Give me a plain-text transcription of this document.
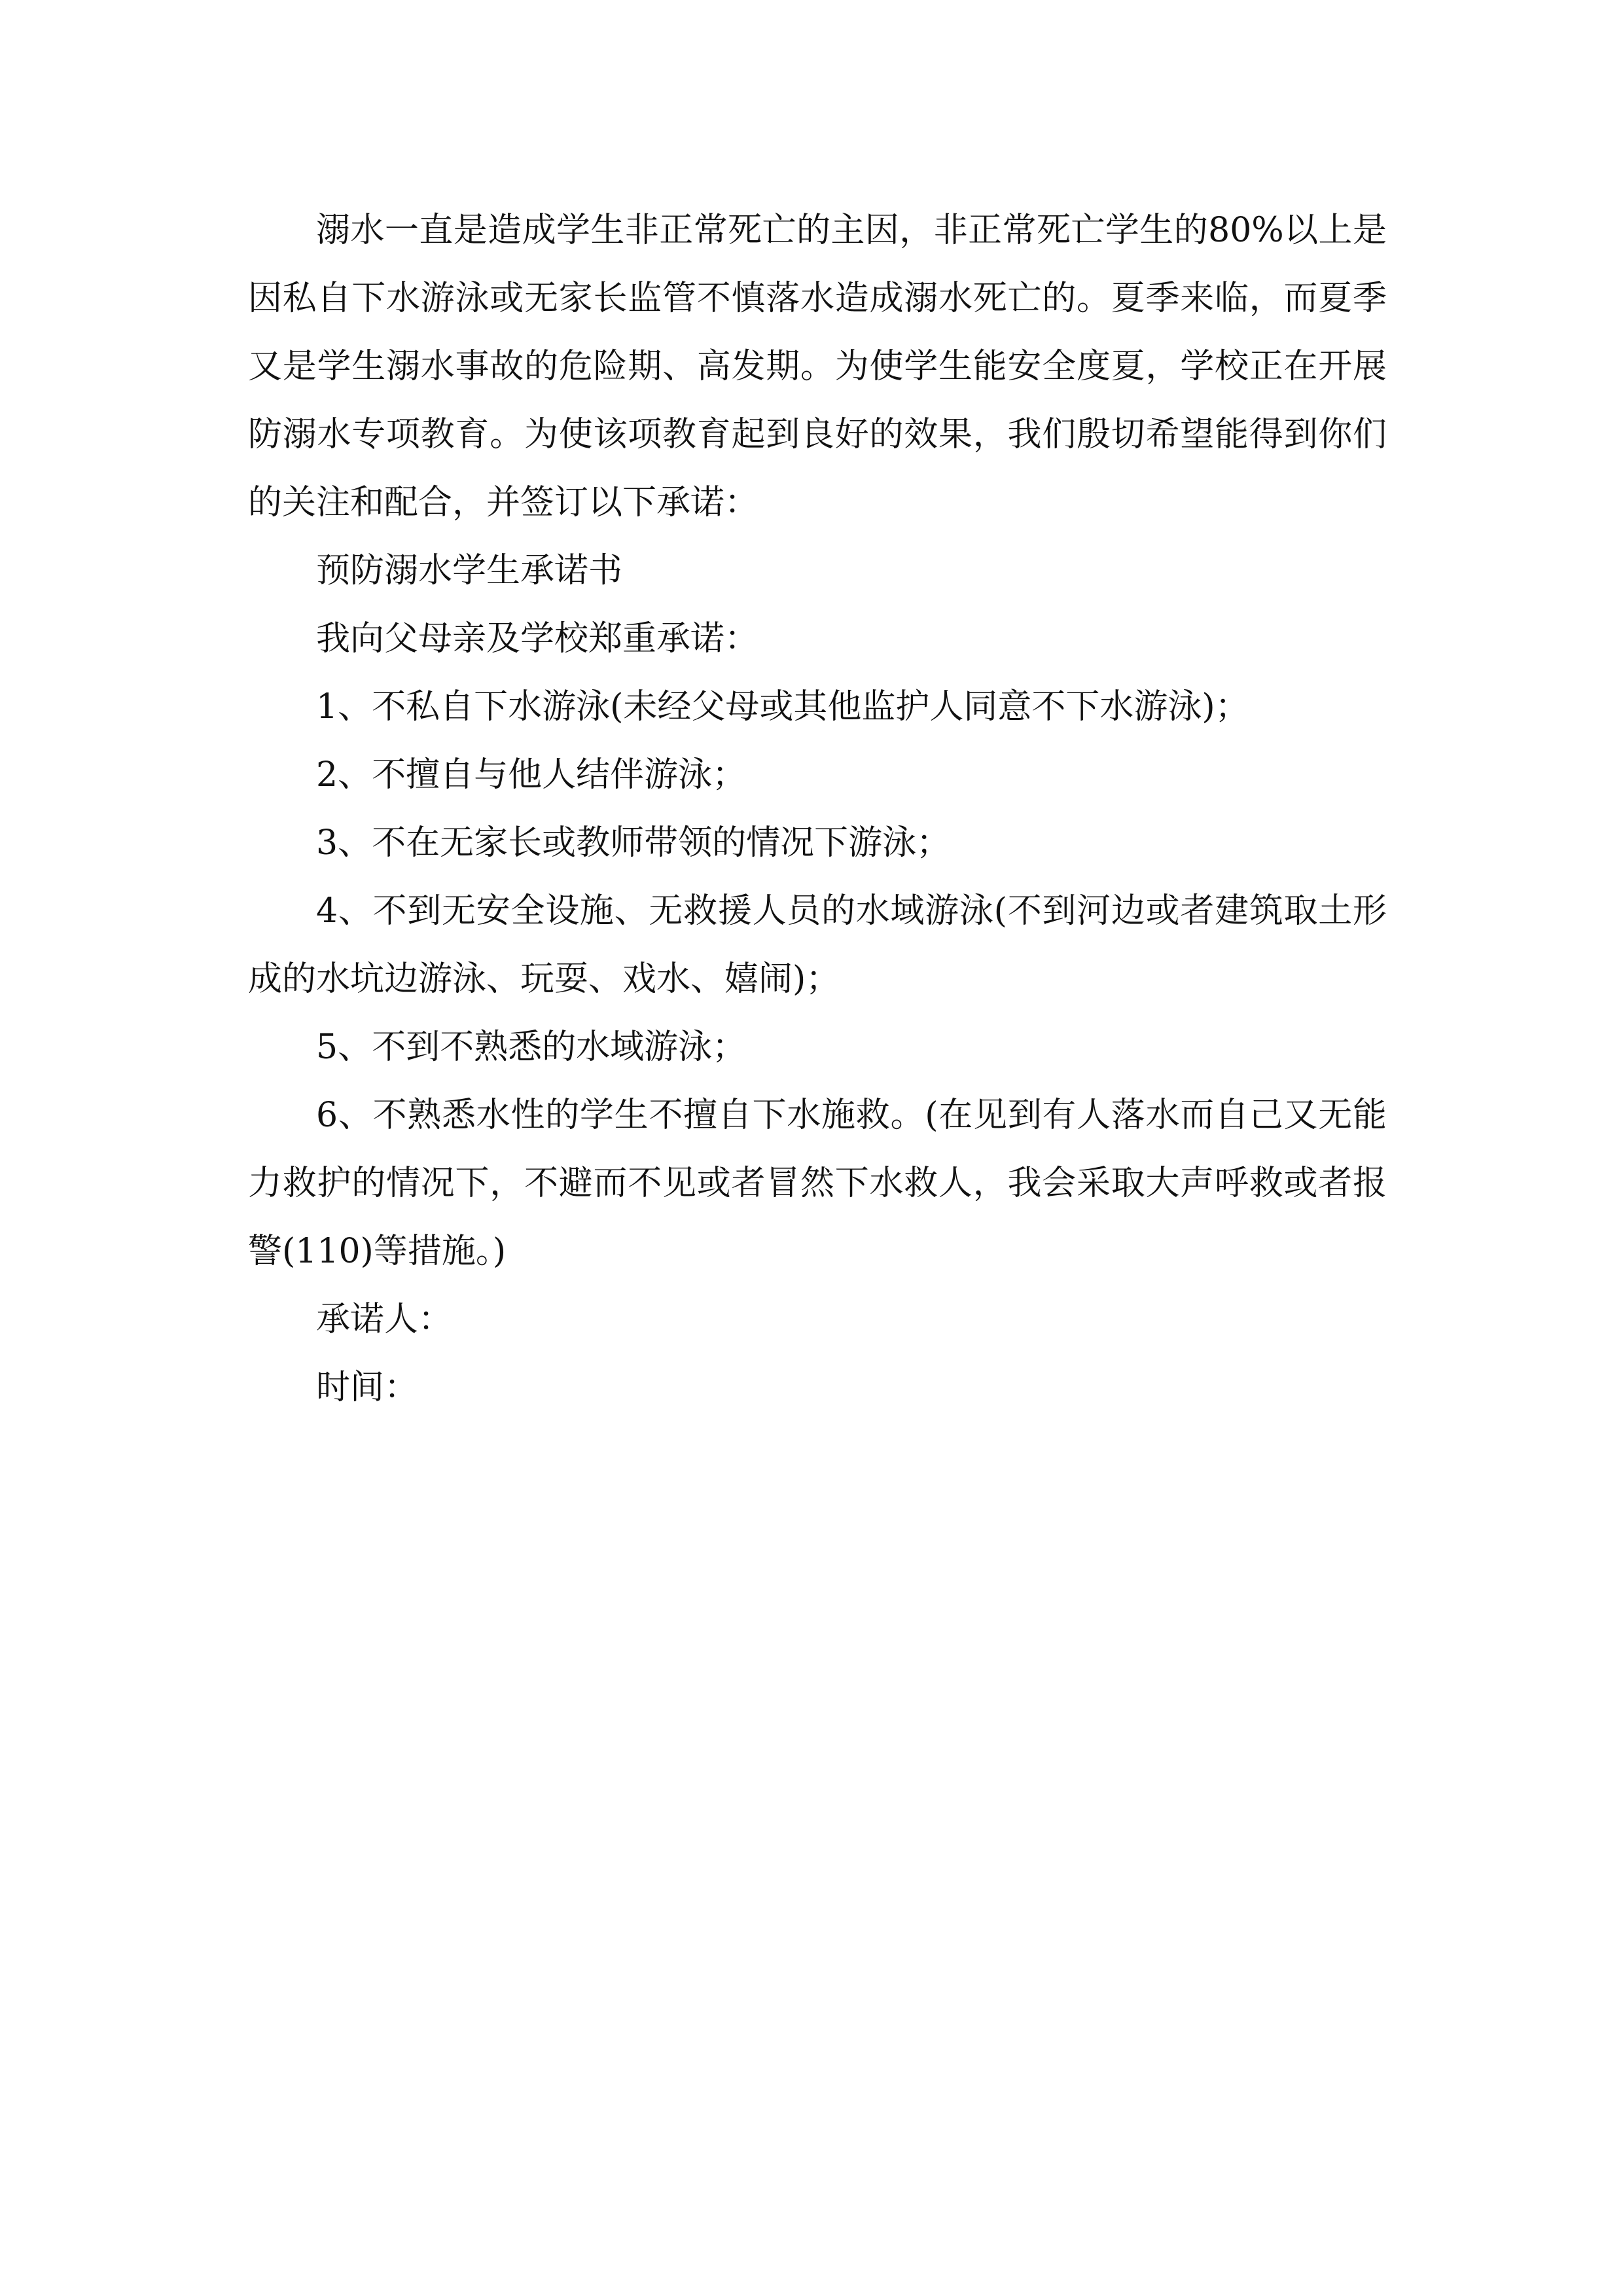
溺水一直是造成学生非正常死亡的主因，非正常死亡学生的80%以上是因私自下水游泳或无家长监管不慎落水造成溺水死亡的。夏季来临，而夏季又是学生溺水事故的危险期、高发期。为使学生能安全度夏，学校正在开展防溺水专项教育。为使该项教育起到良好的效果，我们殷切希望能得到你们的关注和配合，并签订以下承诺：

预防溺水学生承诺书

我向父母亲及学校郑重承诺：

1、不私自下水游泳(未经父母或其他监护人同意不下水游泳)；

2、不擅自与他人结伴游泳；

3、不在无家长或教师带领的情况下游泳；

4、不到无安全设施、无救援人员的水域游泳(不到河边或者建筑取土形成的水坑边游泳、玩耍、戏水、嬉闹)；

5、不到不熟悉的水域游泳；

6、不熟悉水性的学生不擅自下水施救。(在见到有人落水而自己又无能力救护的情况下，不避而不见或者冒然下水救人，我会采取大声呼救或者报警(110)等措施。)

承诺人：

时间：
